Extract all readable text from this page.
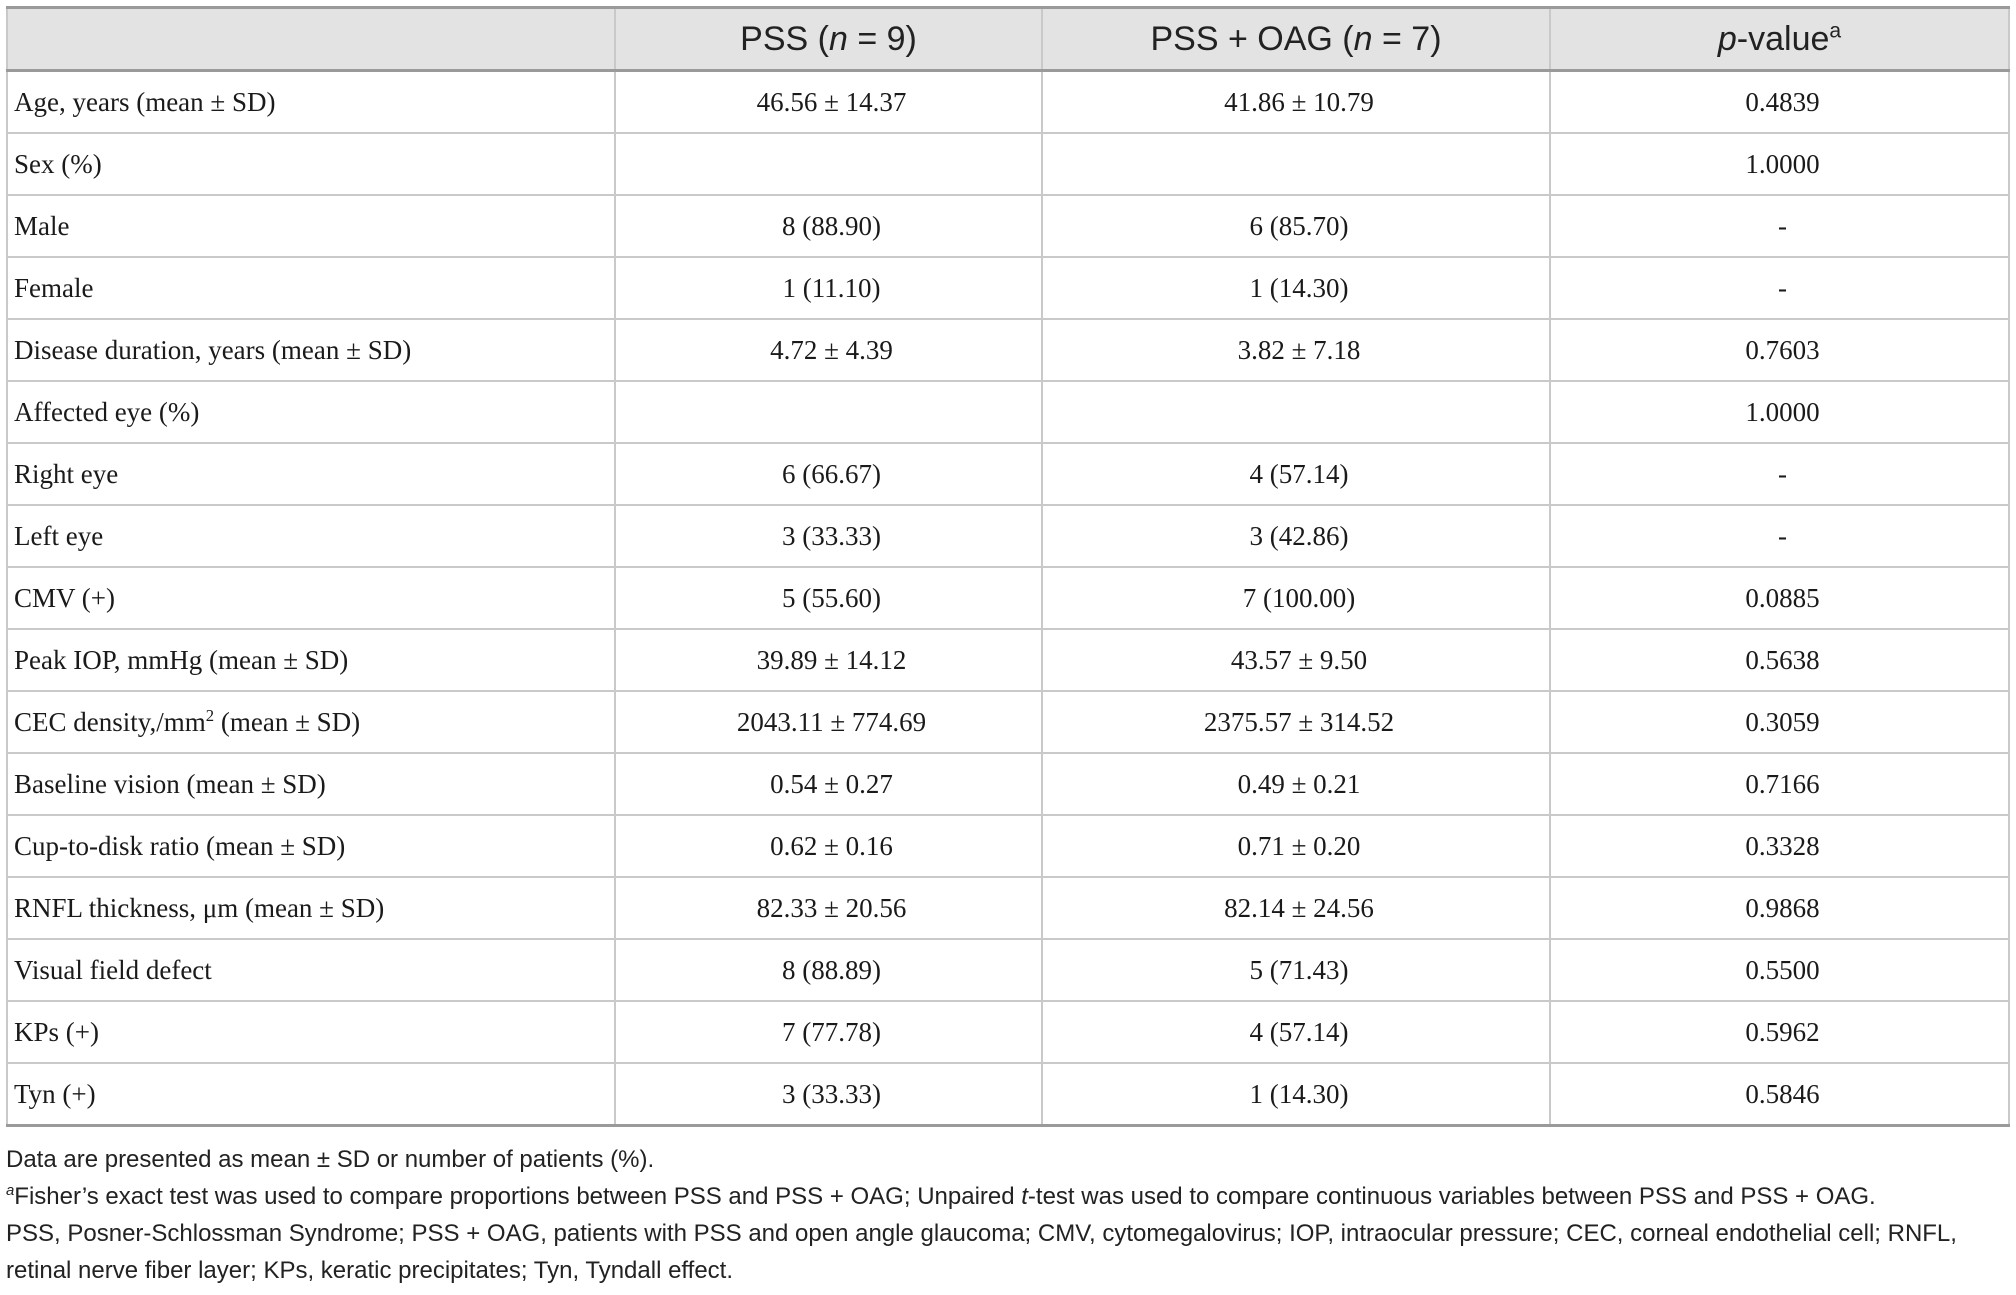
	PSS (n = 9)	PSS + OAG (n = 7)	p-value$^a$
Age, years (mean ± SD)	46.56 ± 14.37	41.86 ± 10.79	0.4839
Sex (%)			1.0000
Male	8 (88.90)	6 (85.70)	-
Female	1 (11.10)	1 (14.30)	-
Disease duration, years (mean ± SD)	4.72 ± 4.39	3.82 ± 7.18	0.7603
Affected eye (%)			1.0000
Right eye	6 (66.67)	4 (57.14)	-
Left eye	3 (33.33)	3 (42.86)	-
CMV (+)	5 (55.60)	7 (100.00)	0.0885
Peak IOP, mmHg (mean ± SD)	39.89 ± 14.12	43.57 ± 9.50	0.5638
CEC $density,/mm^2$ (mean ± SD)	2043.11 ± 774.69	2375.57 ± 314.52	0.3059
Baseline vision (mean ± SD)	0.54 ± 0.27	0.49 ± 0.21	0.7166
Cup-to-disk ratio (mean ± SD)	0.62 ± 0.16	0.71 ± 0.20	0.3328
RNFL thickness, μm (mean ± SD)	82.33 ± 20.56	82.14 ± 24.56	0.9868
Visual field defect	8 (88.89)	5 (71.43)	0.5500
KPs (+)	7 (77.78)	4 (57.14)	0.5962
Tyn (+)	3 (33.33)	1 (14.30)	0.5846

Data are presented as mean ± SD or number of patients (%).

$^a$Fisher’s exact test was used to compare proportions between PSS and PSS + OAG; Unpaired t-test was used to compare continuous variables between PSS and PSS + OAG.

PSS, Posner-Schlossman Syndrome; PSS + OAG, patients with PSS and open angle glaucoma; CMV, cytomegalovirus; IOP, intraocular pressure; CEC, corneal endothelial cell; RNFL,

retinal nerve fiber layer; KPs, keratic precipitates; Tyn, Tyndall effect.
